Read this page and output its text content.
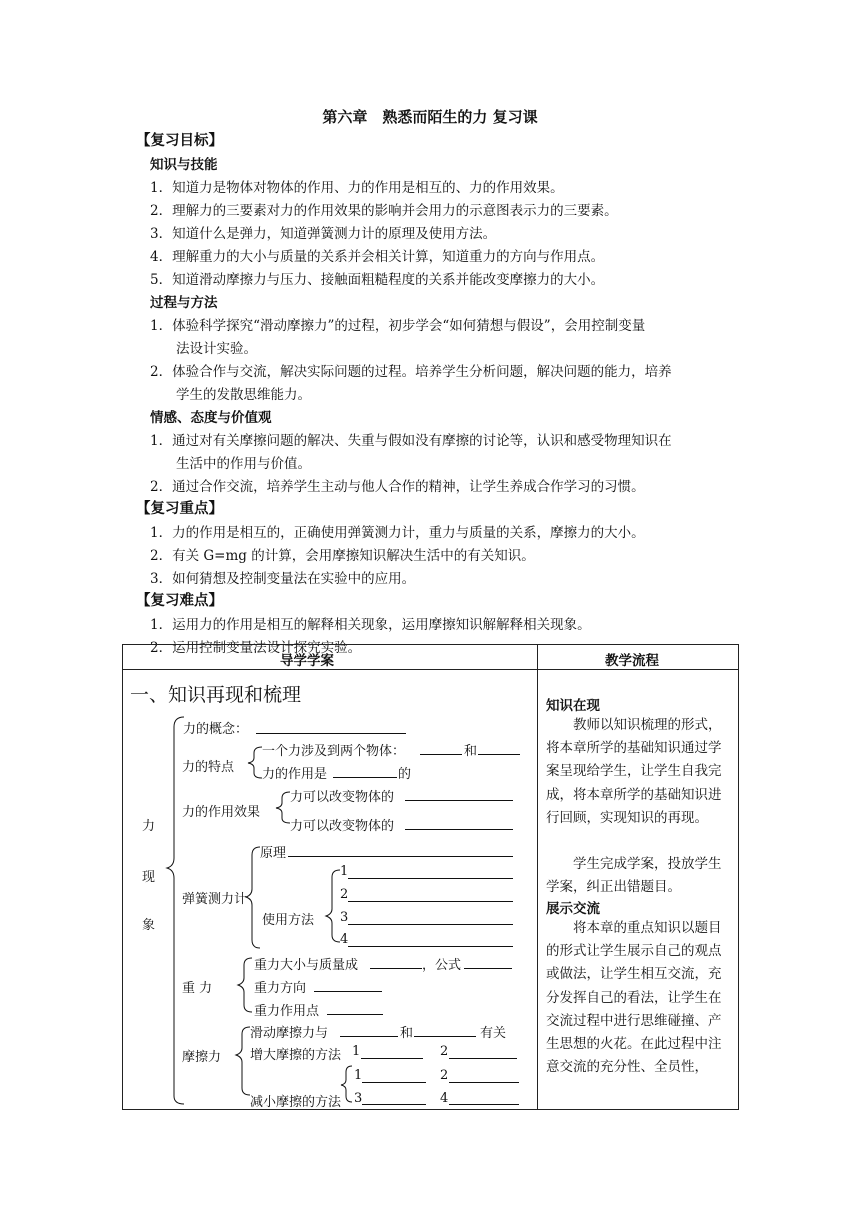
第六章　熟悉而陌生的力 复习课
【复习目标】
知识与技能
1．知道力是物体对物体的作用、力的作用是相互的、力的作用效果。
2．理解力的三要素对力的作用效果的影响并会用力的示意图表示力的三要素。
3．知道什么是弹力，知道弹簧测力计的原理及使用方法。
4．理解重力的大小与质量的关系并会相关计算，知道重力的方向与作用点。
5．知道滑动摩擦力与压力、接触面粗糙程度的关系并能改变摩擦力的大小。
过程与方法
1．体验科学探究“滑动摩擦力”的过程，初步学会“如何猜想与假设”，会用控制变量
法设计实验。
2．体验合作与交流，解决实际问题的过程。培养学生分析问题，解决问题的能力，培养
学生的发散思维能力。
情感、态度与价值观
1．通过对有关摩擦问题的解决、失重与假如没有摩擦的讨论等，认识和感受物理知识在
生活中的作用与价值。
2．通过合作交流，培养学生主动与他人合作的精神，让学生养成合作学习的习惯。
【复习重点】
1．力的作用是相互的，正确使用弹簧测力计，重力与质量的关系，摩擦力的大小。
2．有关 G=mg 的计算，会用摩擦知识解决生活中的有关知识。
3．如何猜想及控制变量法在实验中的应用。
【复习难点】
1．运用力的作用是相互的解释相关现象，运用摩擦知识解解释相关现象。
2．运用控制变量法设计探究实验。
导学学案	教学流程
一、知识再现和梳理
力
现
象
力的概念：
力的特点
一个力涉及到两个物体：	和
力的作用是	的
力的作用效果
力可以改变物体的
力可以改变物体的
弹簧测力计
原理
使用方法
1
2
3
4
重 力
重力大小与质量成	，公式
重力方向
重力作用点
摩擦力
滑动摩擦力与	和	有关
增大摩擦的方法 1	2
1	2
减小摩擦的方法 3	4
知识在现
教师以知识梳理的形式，将本章所学的基础知识通过学案呈现给学生，让学生自我完成，将本章所学的基础知识进行回顾，实现知识的再现。
学生完成学案，投放学生学案，纠正出错题目。
展示交流
将本章的重点知识以题目的形式让学生展示自己的观点或做法，让学生相互交流，充分发挥自己的看法，让学生在交流过程中进行思维碰撞、产生思想的火花。在此过程中注意交流的充分性、全员性，
